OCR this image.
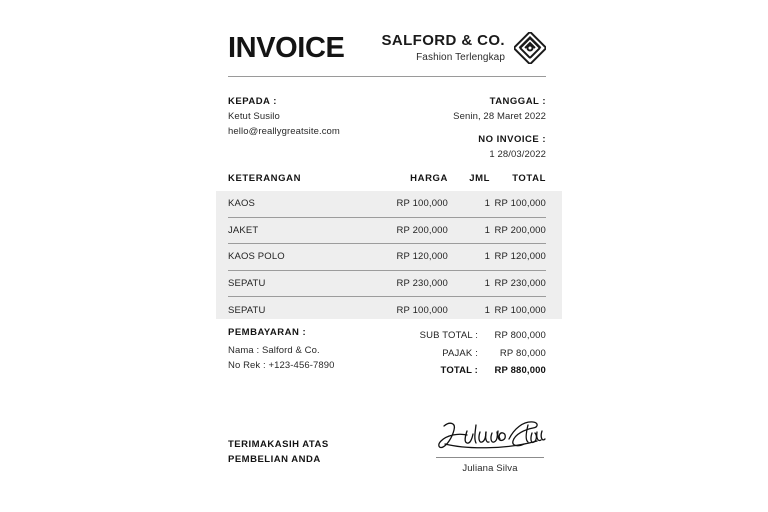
INVOICE SALFORD & CO.
Fashion Terlengkap
KEPADA :
Ketut Susilo
hello@reallygreatsite.com
TANGGAL :
Senin, 28 Maret 2022
NO INVOICE :
1 28/03/2022
KETERANGAN	HARGA	JML	TOTAL
KAOS	RP 100,000	1 RP 100,000
JAKET	RP 200,000	1 RP 200,000
KAOS POLO	RP 120,000	1 RP 120,000
SEPATU	RP 230,000	1 RP 230,000
SEPATU	RP 100,000	1 RP 100,000
PEMBAYARAN :
Nama : Salford & Co.
No Rek : +123-456-7890
SUB TOTAL :	RP 800,000
PAJAK :	RP 80,000
TOTAL :	RP 880,000
TERIMAKASIH ATAS
PEMBELIAN ANDA
Juliana Silva
